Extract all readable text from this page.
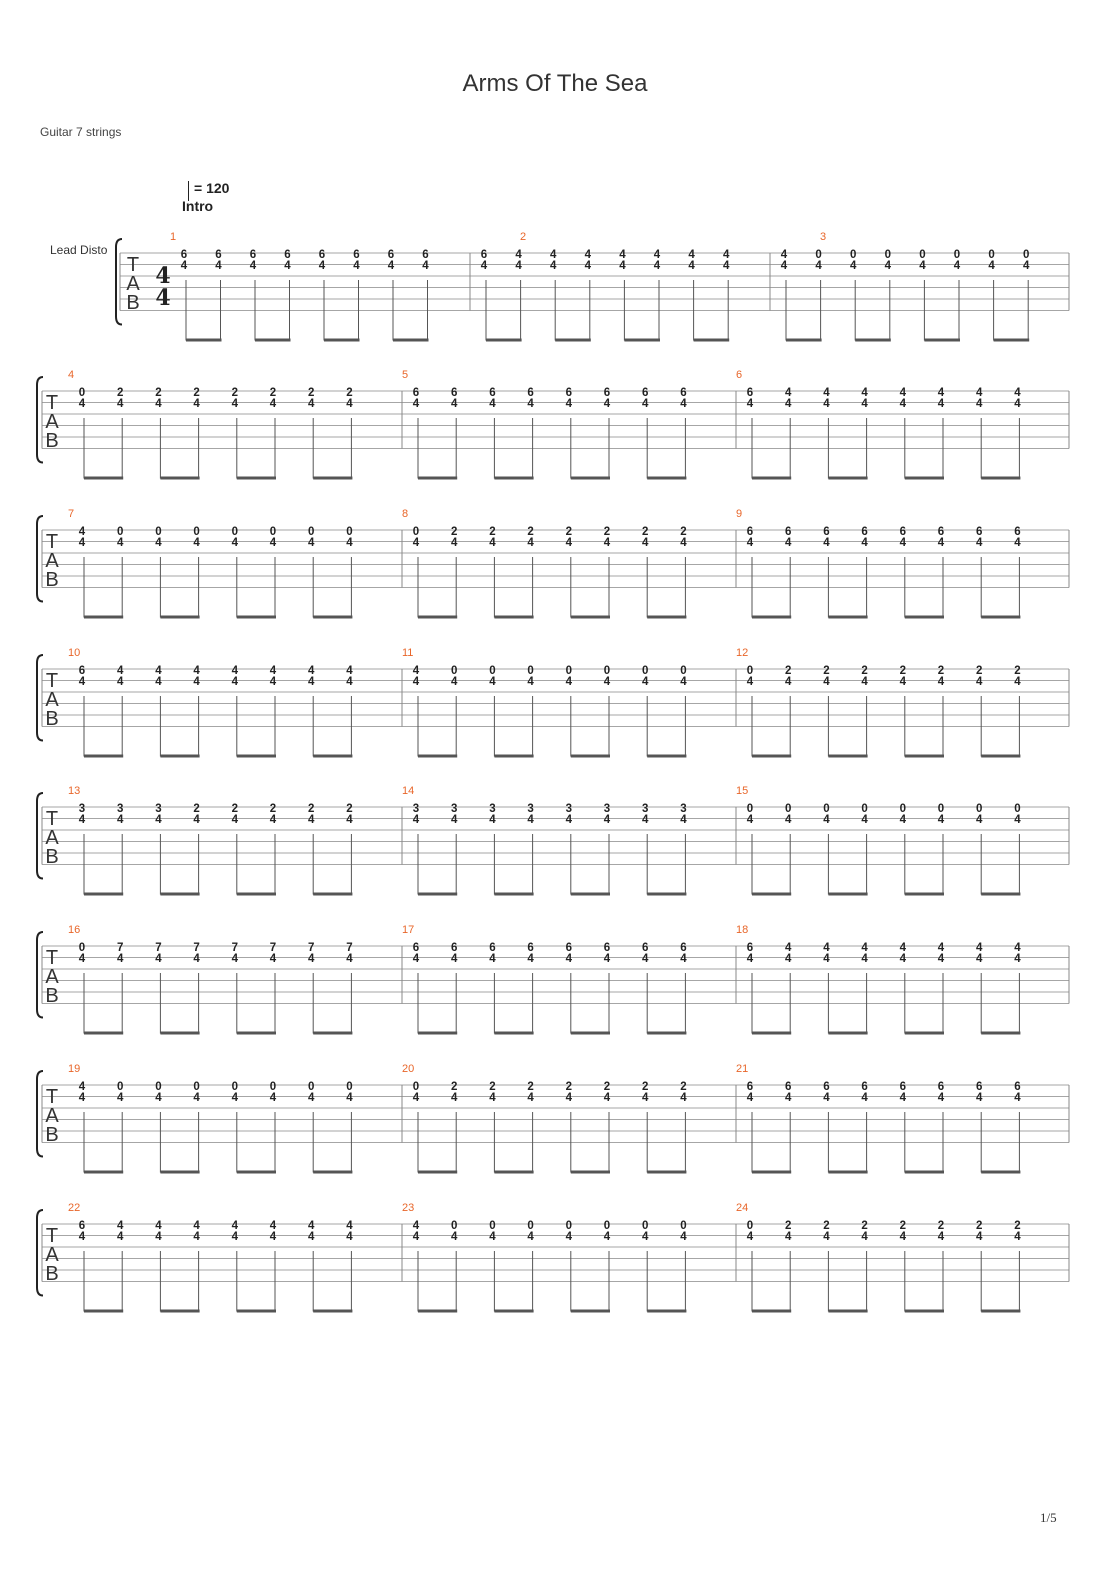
Arms Of The Sea
Guitar 7 strings
= 120
Intro
Lead Disto
T
A
B
4
4
1
6
4
6
4
6
4
6
4
6
4
6
4
6
4
6
4
2
6
4
4
4
4
4
4
4
4
4
4
4
4
4
4
4
3
4
4
0
4
0
4
0
4
0
4
0
4
0
4
0
4
T
A
B
4
0
4
2
4
2
4
2
4
2
4
2
4
2
4
2
4
5
6
4
6
4
6
4
6
4
6
4
6
4
6
4
6
4
6
6
4
4
4
4
4
4
4
4
4
4
4
4
4
4
4
T
A
B
7
4
4
0
4
0
4
0
4
0
4
0
4
0
4
0
4
8
0
4
2
4
2
4
2
4
2
4
2
4
2
4
2
4
9
6
4
6
4
6
4
6
4
6
4
6
4
6
4
6
4
T
A
B
10
6
4
4
4
4
4
4
4
4
4
4
4
4
4
4
4
11
4
4
0
4
0
4
0
4
0
4
0
4
0
4
0
4
12
0
4
2
4
2
4
2
4
2
4
2
4
2
4
2
4
T
A
B
13
3
4
3
4
3
4
2
4
2
4
2
4
2
4
2
4
14
3
4
3
4
3
4
3
4
3
4
3
4
3
4
3
4
15
0
4
0
4
0
4
0
4
0
4
0
4
0
4
0
4
T
A
B
16
0
4
7
4
7
4
7
4
7
4
7
4
7
4
7
4
17
6
4
6
4
6
4
6
4
6
4
6
4
6
4
6
4
18
6
4
4
4
4
4
4
4
4
4
4
4
4
4
4
4
T
A
B
19
4
4
0
4
0
4
0
4
0
4
0
4
0
4
0
4
20
0
4
2
4
2
4
2
4
2
4
2
4
2
4
2
4
21
6
4
6
4
6
4
6
4
6
4
6
4
6
4
6
4
T
A
B
22
6
4
4
4
4
4
4
4
4
4
4
4
4
4
4
4
23
4
4
0
4
0
4
0
4
0
4
0
4
0
4
0
4
24
0
4
2
4
2
4
2
4
2
4
2
4
2
4
2
4
1/5
